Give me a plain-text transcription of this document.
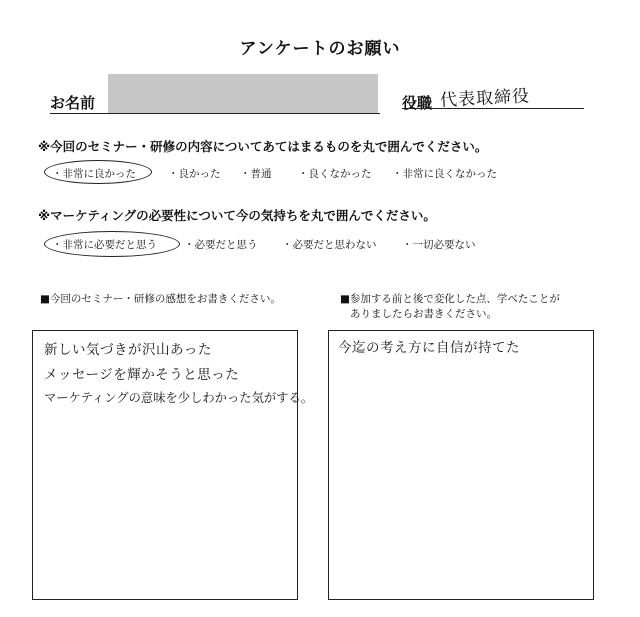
アンケートのお願い
お名前	役職 代表取締役
※今回のセミナー・研修の内容についてあてはまるものを丸で囲んでください。
・非常に良かった	・良かった ・普通	・良くなかった ・非常に良くなかった
※マーケティングの必要性について今の気持ちを丸で囲んでください。
・非常に必要だと思う	・必要だと思う ・必要だと思わない ・一切必要ない
■今回のセミナー・研修の感想をお書きください。
新しい気づきが沢山あった
メッセージを輝かそうと思った
マーケティングの意味を少しわかった気がする。
■参加する前と後で変化した点、学べたことが
ありましたらお書きください。
今迄の考え方に自信が持てた
